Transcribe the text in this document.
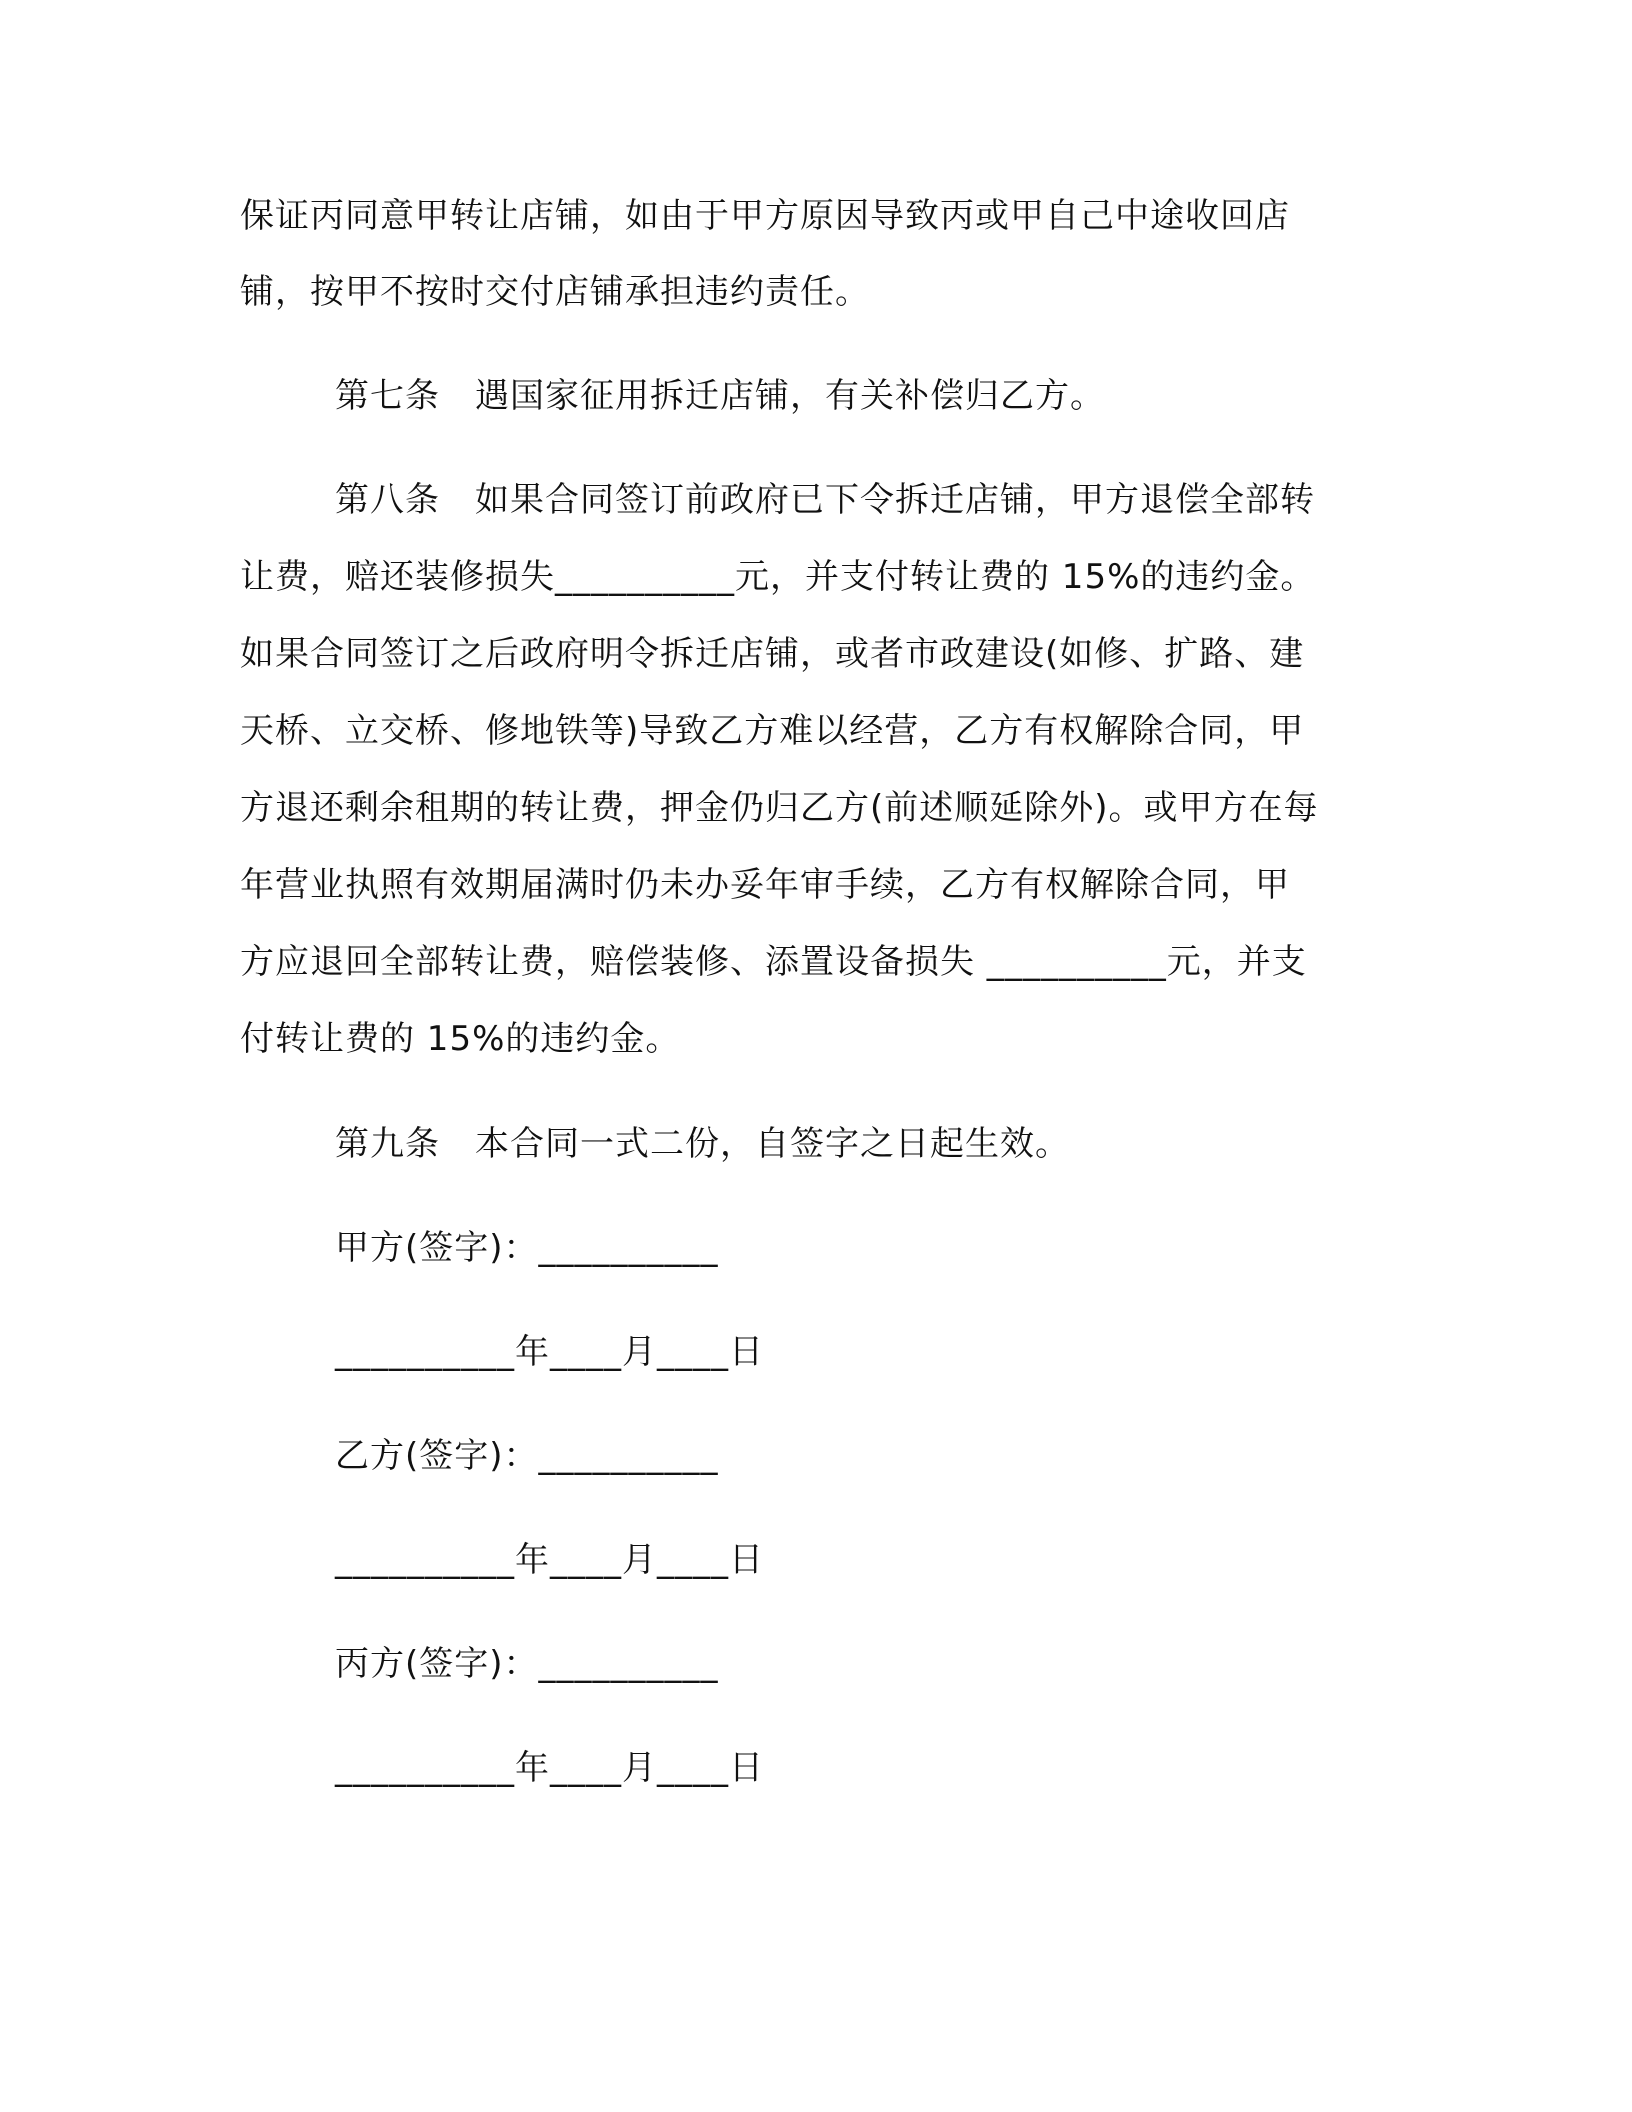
保证丙同意甲转让店铺，如由于甲方原因导致丙或甲自己中途收回店
铺，按甲不按时交付店铺承担违约责任。
第七条　遇国家征用拆迁店铺，有关补偿归乙方。
第八条　如果合同签订前政府已下令拆迁店铺，甲方退偿全部转
让费，赔还装修损失__________元，并支付转让费的 15%的违约金。
如果合同签订之后政府明令拆迁店铺，或者市政建设(如修、扩路、建
天桥、立交桥、修地铁等)导致乙方难以经营，乙方有权解除合同，甲
方退还剩余租期的转让费，押金仍归乙方(前述顺延除外)。或甲方在每
年营业执照有效期届满时仍未办妥年审手续，乙方有权解除合同，甲
方应退回全部转让费，赔偿装修、添置设备损失 __________元，并支
付转让费的 15%的违约金。
第九条　本合同一式二份，自签字之日起生效。
甲方(签字)：__________
__________年____月____日
乙方(签字)：__________
__________年____月____日
丙方(签字)：__________
__________年____月____日
